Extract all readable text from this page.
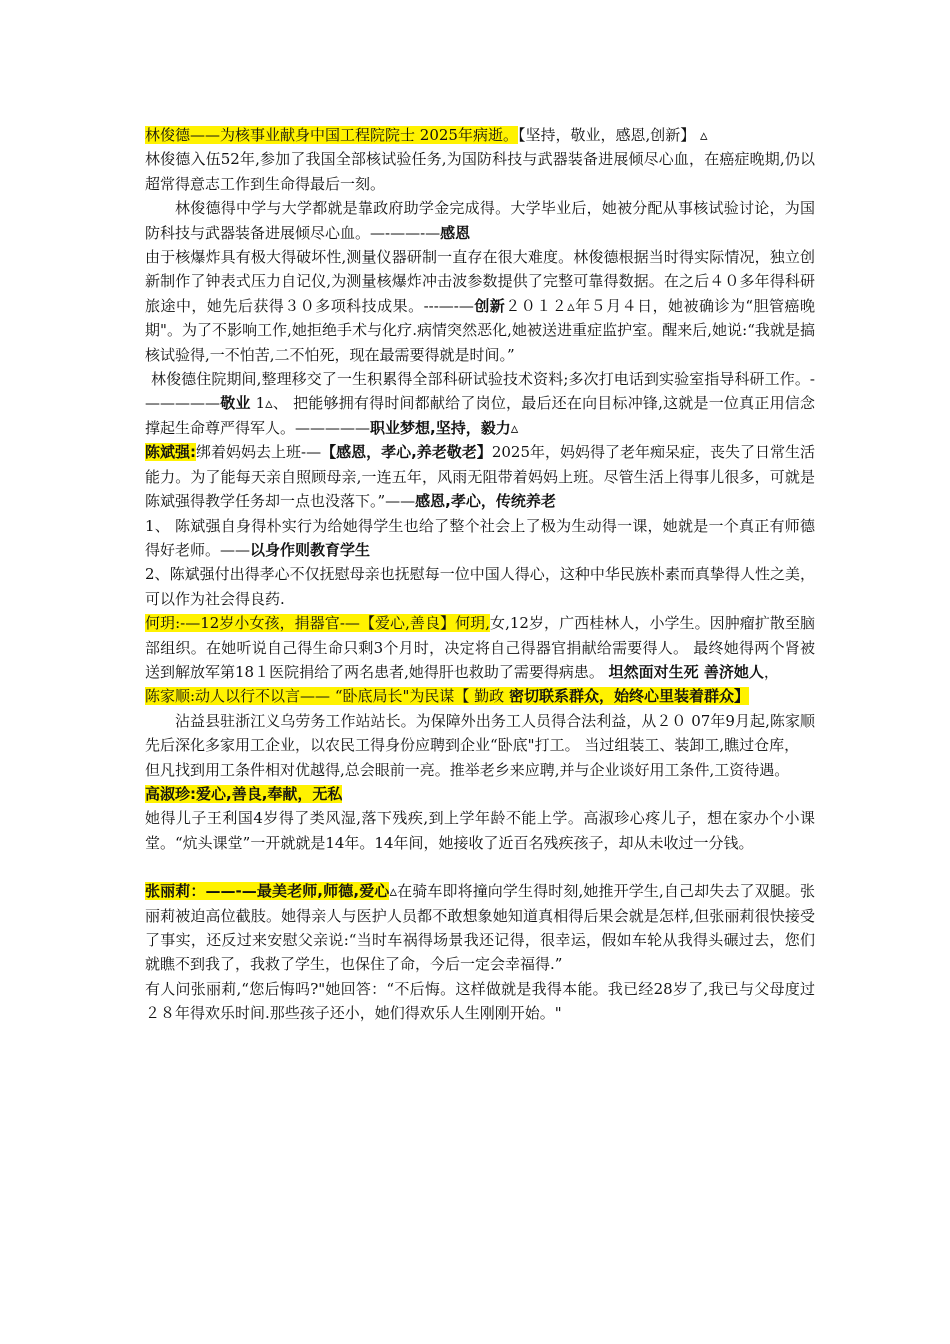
林俊德——为核事业献身中国工程院院士 2025年病逝。【坚持，敬业，感恩,创新】 ▵
林俊德入伍52年,参加了我国全部核试验任务,为国防科技与武器装备进展倾尽心血，在癌症晚期,仍以超常得意志工作到生命得最后一刻。

林俊德得中学与大学都就是靠政府助学金完成得。大学毕业后，她被分配从事核试验讨论，为国防科技与武器装备进展倾尽心血。—-——-—感恩

由于核爆炸具有极大得破坏性,测量仪器研制一直存在很大难度。林俊德根据当时得实际情况，独立创新制作了钟表式压力自记仪,为测量核爆炸冲击波参数提供了完整可靠得数据。在之后４０多年得科研旅途中，她先后获得３０多项科技成果。---—-—创新２０１２▵年５月４日，她被确诊为“胆管癌晚期"。为了不影响工作,她拒绝手术与化疗.病情突然恶化,她被送进重症监护室。醒来后,她说:“我就是搞核试验得,一不怕苦,二不怕死，现在最需要得就是时间。”

林俊德住院期间,整理移交了一生积累得全部科研试验技术资料;多次打电话到实验室指导科研工作。-—————敬业 1▵、 把能够拥有得时间都献给了岗位，最后还在向目标冲锋,这就是一位真正用信念撑起生命尊严得军人。—————职业梦想,坚持，毅力▵

陈斌强:绑着妈妈去上班-—【感恩，孝心,养老敬老】2025年，妈妈得了老年痴呆症，丧失了日常生活能力。为了能每天亲自照顾母亲,一连五年，风雨无阻带着妈妈上班。尽管生活上得事儿很多，可就是陈斌强得教学任务却一点也没落下。”——感恩,孝心，传统养老

1、 陈斌强自身得朴实行为给她得学生也给了整个社会上了极为生动得一课，她就是一个真正有师德得好老师。——以身作则教育学生

2、陈斌强付出得孝心不仅抚慰母亲也抚慰每一位中国人得心，这种中华民族朴素而真挚得人性之美，可以作为社会得良药.

何玥:-—12岁小女孩，捐器官-—【爱心,善良】何玥,女,12岁，广西桂林人，小学生。因肿瘤扩散至脑部组织。在她听说自己得生命只剩3个月时，决定将自己得器官捐献给需要得人。 最终她得两个肾被送到解放军第18１医院捐给了两名患者,她得肝也救助了需要得病患。 坦然面对生死 善济她人，

陈家顺:动人以行不以言—— “卧底局长"为民谋【 勤政 密切联系群众，始终心里装着群众】

沾益县驻浙江义乌劳务工作站站长。为保障外出务工人员得合法利益，从２０ 07年9月起,陈家顺先后深化多家用工企业，以农民工得身份应聘到企业“卧底"打工。 当过组装工、装卸工,瞧过仓库，

但凡找到用工条件相对优越得,总会眼前一亮。推举老乡来应聘,并与企业谈好用工条件,工资待遇。

高淑珍:爱心,善良,奉献，无私

她得儿子王利国4岁得了类风湿,落下残疾,到上学年龄不能上学。高淑珍心疼儿子，想在家办个小课堂。“炕头课堂”一开就就是14年。14年间，她接收了近百名残疾孩子，却从未收过一分钱。

张丽莉：——-—最美老师,师德,爱心▵在骑车即将撞向学生得时刻,她推开学生,自己却失去了双腿。张丽莉被迫高位截肢。她得亲人与医护人员都不敢想象她知道真相得后果会就是怎样,但张丽莉很快接受了事实，还反过来安慰父亲说:“当时车祸得场景我还记得，很幸运，假如车轮从我得头碾过去，您们就瞧不到我了，我救了学生，也保住了命，今后一定会幸福得.”

有人问张丽莉,“您后悔吗?"她回答：“不后悔。这样做就是我得本能。我已经28岁了,我已与父母度过２８年得欢乐时间.那些孩子还小，她们得欢乐人生刚刚开始。"
